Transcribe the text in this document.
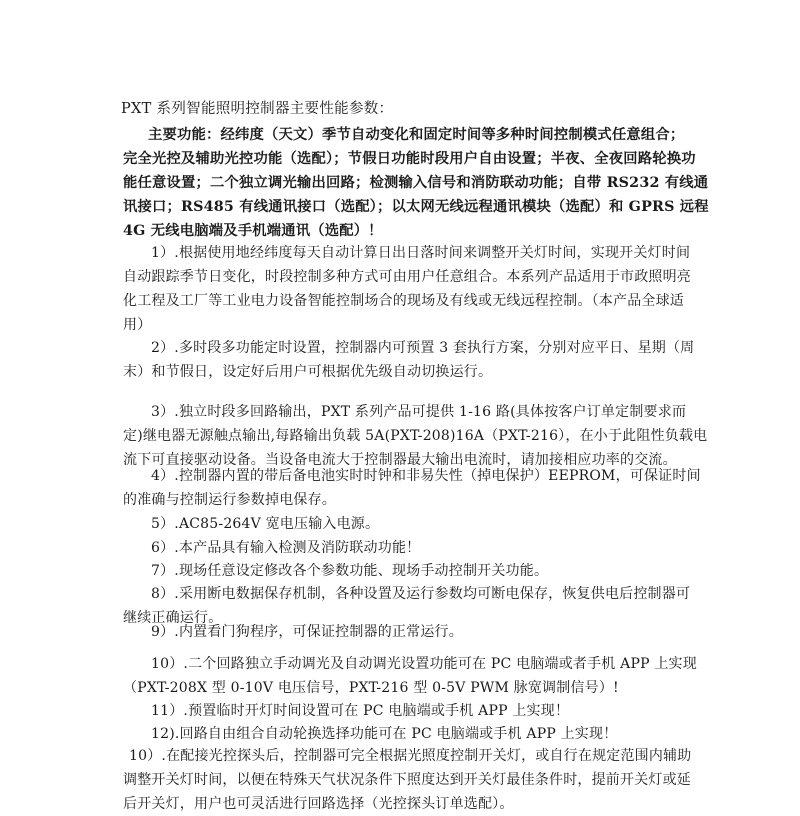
PXT 系列智能照明控制器主要性能参数：
主要功能：经纬度（天文）季节自动变化和固定时间等多种时间控制模式任意组合；
完全光控及辅助光控功能（选配）；节假日功能时段用户自由设置；半夜、全夜回路轮换功
能任意设置；二个独立调光输出回路；检测输入信号和消防联动功能；自带 RS232 有线通
讯接口；RS485 有线通讯接口（选配）；以太网无线远程通讯模块（选配）和 GPRS 远程
4G 无线电脑端及手机端通讯（选配）！
1）.根据使用地经纬度每天自动计算日出日落时间来调整开关灯时间，实现开关灯时间
自动跟踪季节日变化，时段控制多种方式可由用户任意组合。本系列产品适用于市政照明亮
化工程及工厂等工业电力设备智能控制场合的现场及有线或无线远程控制。（本产品全球适
用）
2）.多时段多功能定时设置，控制器内可预置 3 套执行方案，分别对应平日、星期（周
末）和节假日，设定好后用户可根据优先级自动切换运行。
3）.独立时段多回路输出，PXT 系列产品可提供 1-16 路(具体按客户订单定制要求而
定)继电器无源触点输出,每路输出负载 5A(PXT-208)16A（PXT-216），在小于此阻性负载电
流下可直接驱动设备。当设备电流大于控制器最大输出电流时，请加接相应功率的交流。
4）.控制器内置的带后备电池实时时钟和非易失性（掉电保护）EEPROM，可保证时间
的准确与控制运行参数掉电保存。
5）.AC85-264V 宽电压输入电源。
6）.本产品具有输入检测及消防联动功能！
7）.现场任意设定修改各个参数功能、现场手动控制开关功能。
8）.采用断电数据保存机制，各种设置及运行参数均可断电保存，恢复供电后控制器可
继续正确运行。
9）.内置看门狗程序，可保证控制器的正常运行。
10）.二个回路独立手动调光及自动调光设置功能可在 PC 电脑端或者手机 APP 上实现
（PXT-208X 型 0-10V 电压信号，PXT-216 型 0-5V PWM 脉宽调制信号）!
11）.预置临时开灯时间设置可在 PC 电脑端或手机 APP 上实现！
12).回路自由组合自动轮换选择功能可在 PC 电脑端或手机 APP 上实现！
10）.在配接光控探头后，控制器可完全根据光照度控制开关灯，或自行在规定范围内辅助
调整开关灯时间，以便在特殊天气状况条件下照度达到开关灯最佳条件时，提前开关灯或延
后开关灯，用户也可灵活进行回路选择（光控探头订单选配）。
